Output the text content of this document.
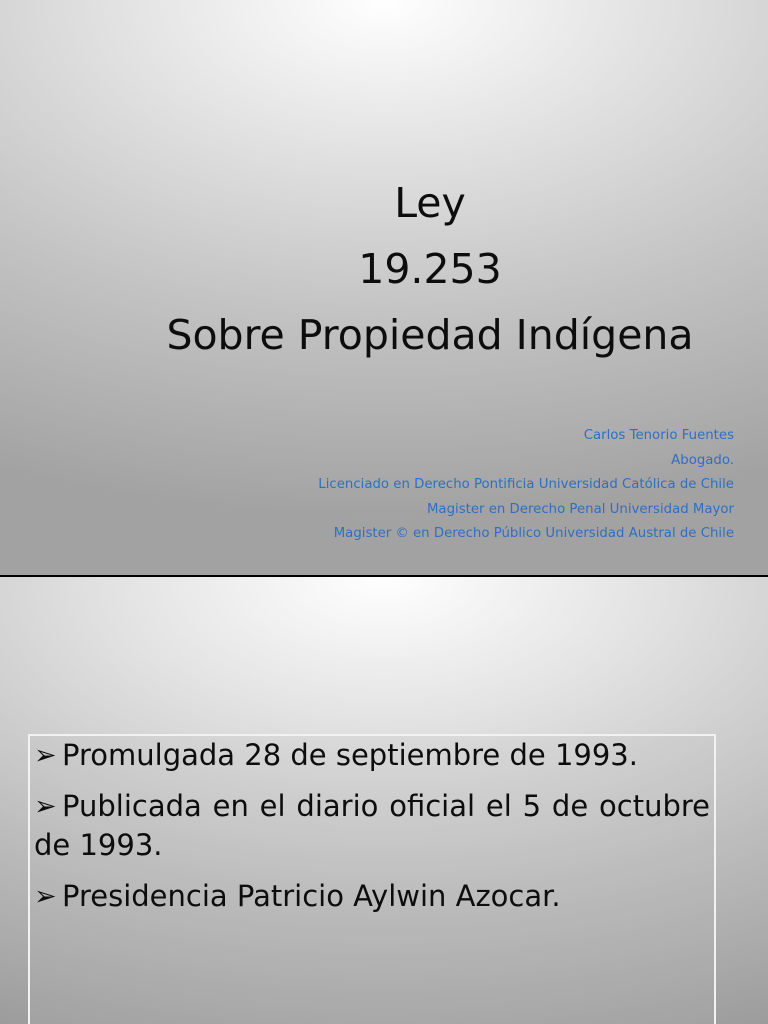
Ley
19.253
Sobre Propiedad Indígena
Carlos Tenorio Fuentes
Abogado.
Licenciado en Derecho Pontificia Universidad Católica de Chile
Magister en Derecho Penal Universidad Mayor
Magister © en Derecho Público Universidad Austral de Chile
➢ Promulgada 28 de septiembre de 1993.
➢ Publicada en el diario oficial el 5 de octubre de 1993.
➢ Presidencia Patricio Aylwin Azocar.
